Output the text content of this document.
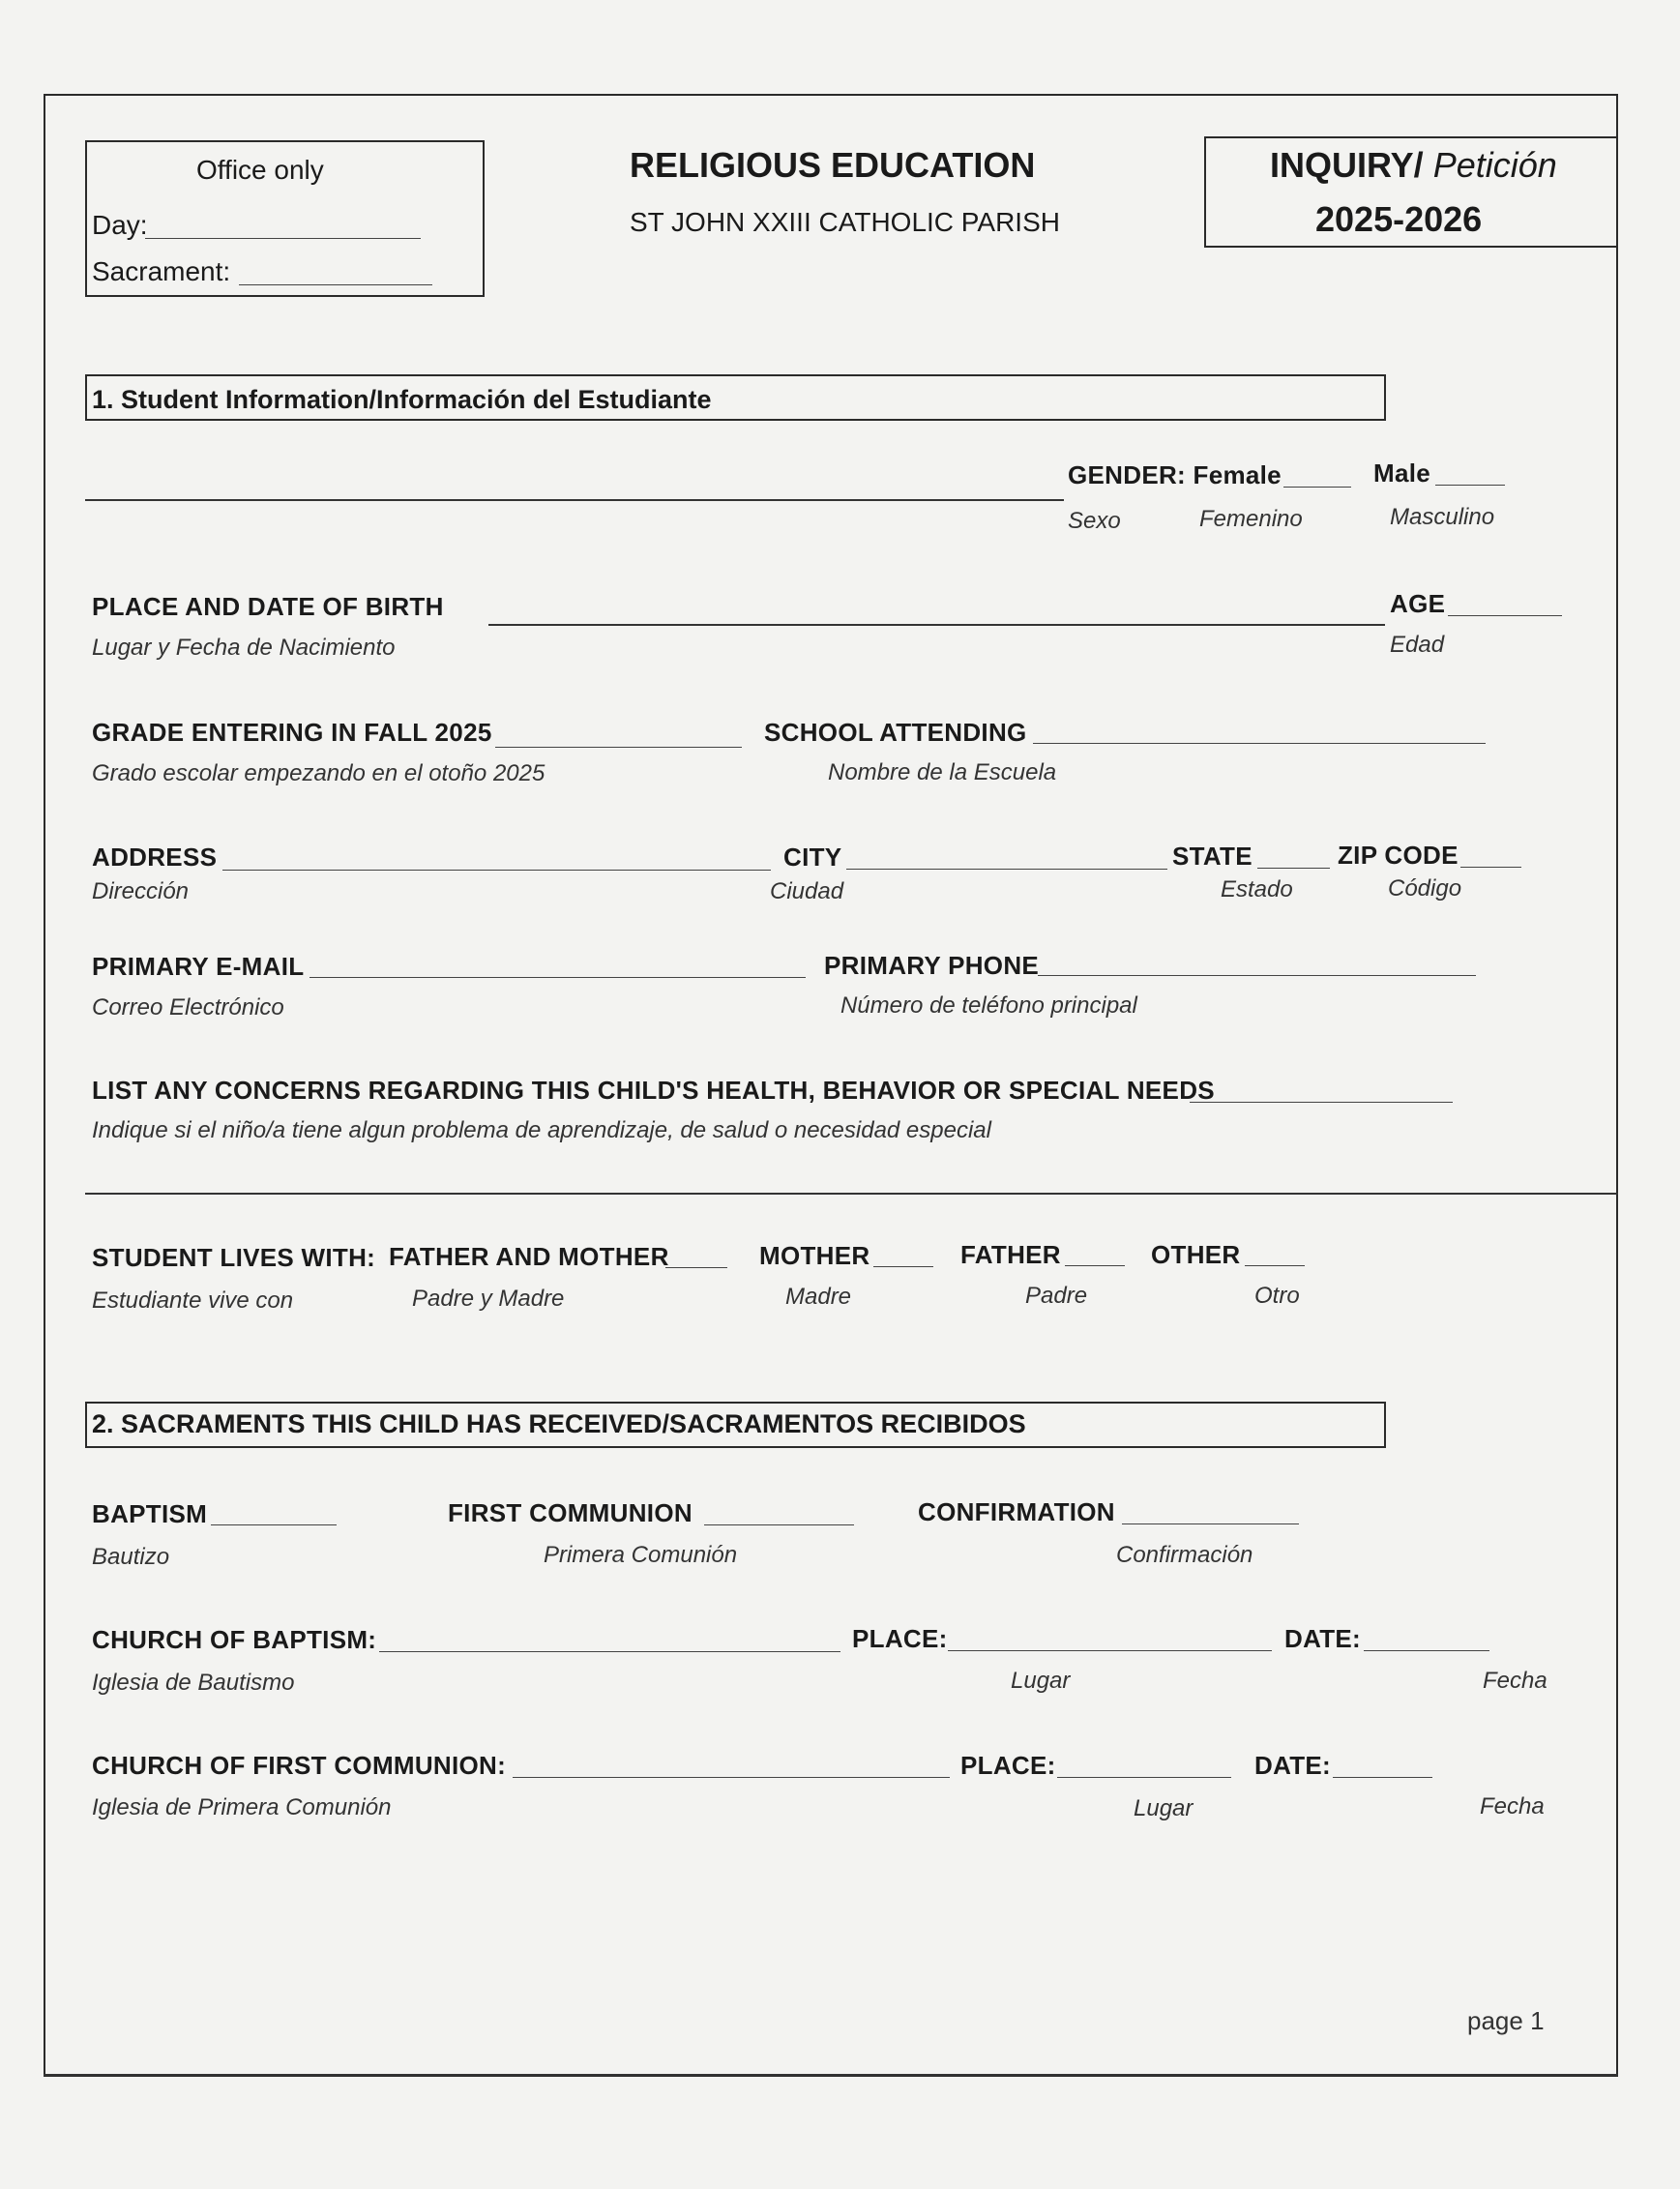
Office only
Day:
Sacrament:
RELIGIOUS EDUCATION
ST JOHN XXIII CATHOLIC PARISH
INQUIRY/ Petición
2025-2026
1. Student Information/Información del Estudiante
GENDER: Female	Male
Sexo	Femenino	Masculino
PLACE AND DATE OF BIRTH
Lugar y Fecha de Nacimiento
AGE
Edad
GRADE ENTERING IN FALL 2025
Grado escolar empezando en el otoño 2025
SCHOOL ATTENDING
Nombre de la Escuela
ADDRESS
Dirección
CITY
Ciudad
STATE
Estado
ZIP CODE
Código
PRIMARY E-MAIL
Correo Electrónico
PRIMARY PHONE
Número de teléfono principal
LIST ANY CONCERNS REGARDING THIS CHILD'S HEALTH, BEHAVIOR OR SPECIAL NEEDS
Indique si el niño/a tiene algun problema de aprendizaje, de salud o necesidad especial
STUDENT LIVES WITH:
Estudiante vive con
FATHER AND MOTHER
Padre y Madre
MOTHER
Madre
FATHER
Padre
OTHER
Otro
2. SACRAMENTS THIS CHILD HAS RECEIVED/SACRAMENTOS RECIBIDOS
BAPTISM
Bautizo
FIRST COMMUNION
Primera Comunión
CONFIRMATION
Confirmación
CHURCH OF BAPTISM:
Iglesia de Bautismo
PLACE:
Lugar
DATE:
Fecha
CHURCH OF FIRST COMMUNION:
Iglesia de Primera Comunión
PLACE:
Lugar
DATE:
Fecha
page 1
